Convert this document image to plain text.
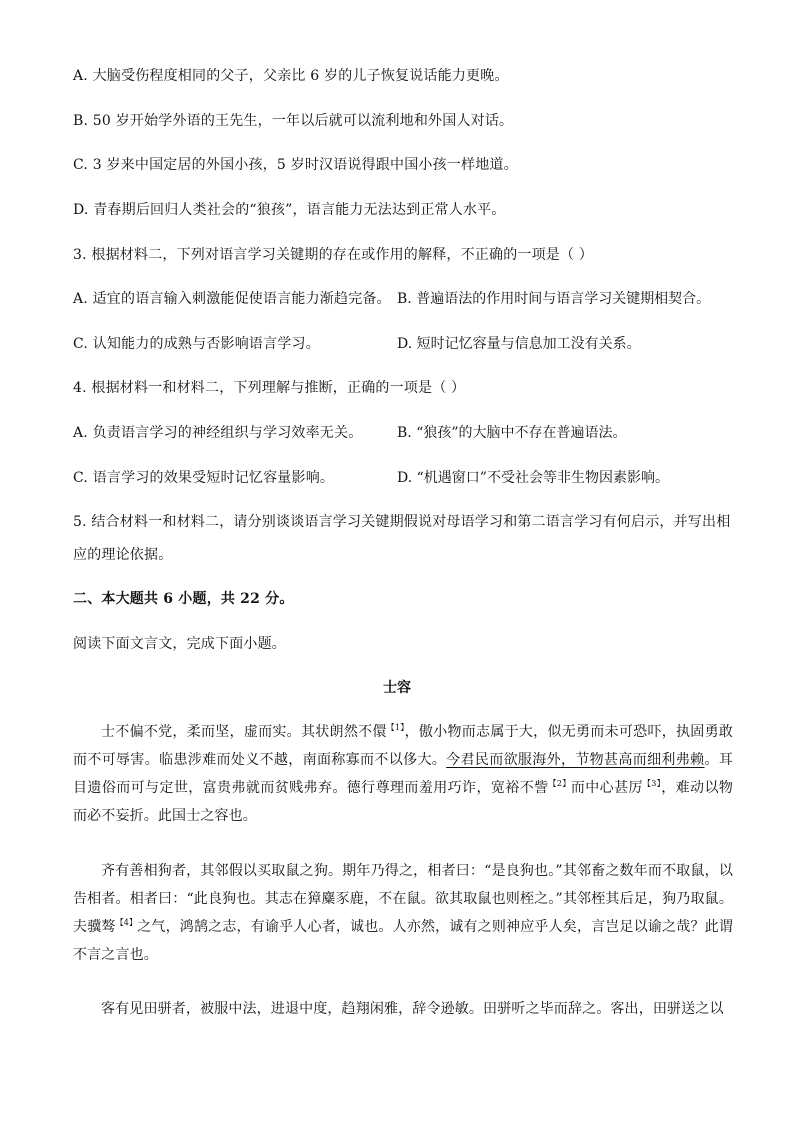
A. 大脑受伤程度相同的父子，父亲比 6 岁的儿子恢复说话能力更晚。
B. 50 岁开始学外语的王先生，一年以后就可以流利地和外国人对话。
C. 3 岁来中国定居的外国小孩，5 岁时汉语说得跟中国小孩一样地道。
D. 青春期后回归人类社会的“狼孩”，语言能力无法达到正常人水平。
3. 根据材料二，下列对语言学习关键期的存在或作用的解释，不正确的一项是（ ）
A. 适宜的语言输入刺激能促使语言能力渐趋完备。 B. 普遍语法的作用时间与语言学习关键期相契合。
C. 认知能力的成熟与否影响语言学习。	D. 短时记忆容量与信息加工没有关系。
4. 根据材料一和材料二，下列理解与推断，正确的一项是（ ）
A. 负责语言学习的神经组织与学习效率无关。	B. “狼孩”的大脑中不存在普遍语法。
C. 语言学习的效果受短时记忆容量影响。	D. “机遇窗口”不受社会等非生物因素影响。
5. 结合材料一和材料二，请分别谈谈语言学习关键期假说对母语学习和第二语言学习有何启示，并写出相
应的理论依据。
二、本大题共 6 小题，共 22 分。
阅读下面文言文，完成下面小题。
士容
士不偏不党，柔而坚，虚而实。其状朗然不儇$^{【1】}$，傲小物而志属于大，似无勇而未可恐吓，执固勇敢而不可辱害。临患涉难而处义不越，南面称寡而不以侈大。今君民而欲服海外，节物甚高而细利弗赖。耳目遗俗而可与定世，富贵弗就而贫贱弗弃。德行尊理而羞用巧诈，宽裕不訾$^{【2】}$而中心甚厉$^{【3】}$，难动以物而必不妄折。此国士之容也。
齐有善相狗者，其邻假以买取鼠之狗。期年乃得之，相者曰：“是良狗也。”其邻畜之数年而不取鼠，以告相者。相者曰：“此良狗也。其志在獐麋豕鹿，不在鼠。欲其取鼠也则桎之。”其邻桎其后足，狗乃取鼠。夫骥骜$^{【4】}$之气，鸿鹄之志，有谕乎人心者，诚也。人亦然，诚有之则神应乎人矣，言岂足以谕之哉？此谓不言之言也。
客有见田骈者，被服中法，进退中度，趋翔闲雅，辞令逊敏。田骈听之毕而辞之。客出，田骈送之以
